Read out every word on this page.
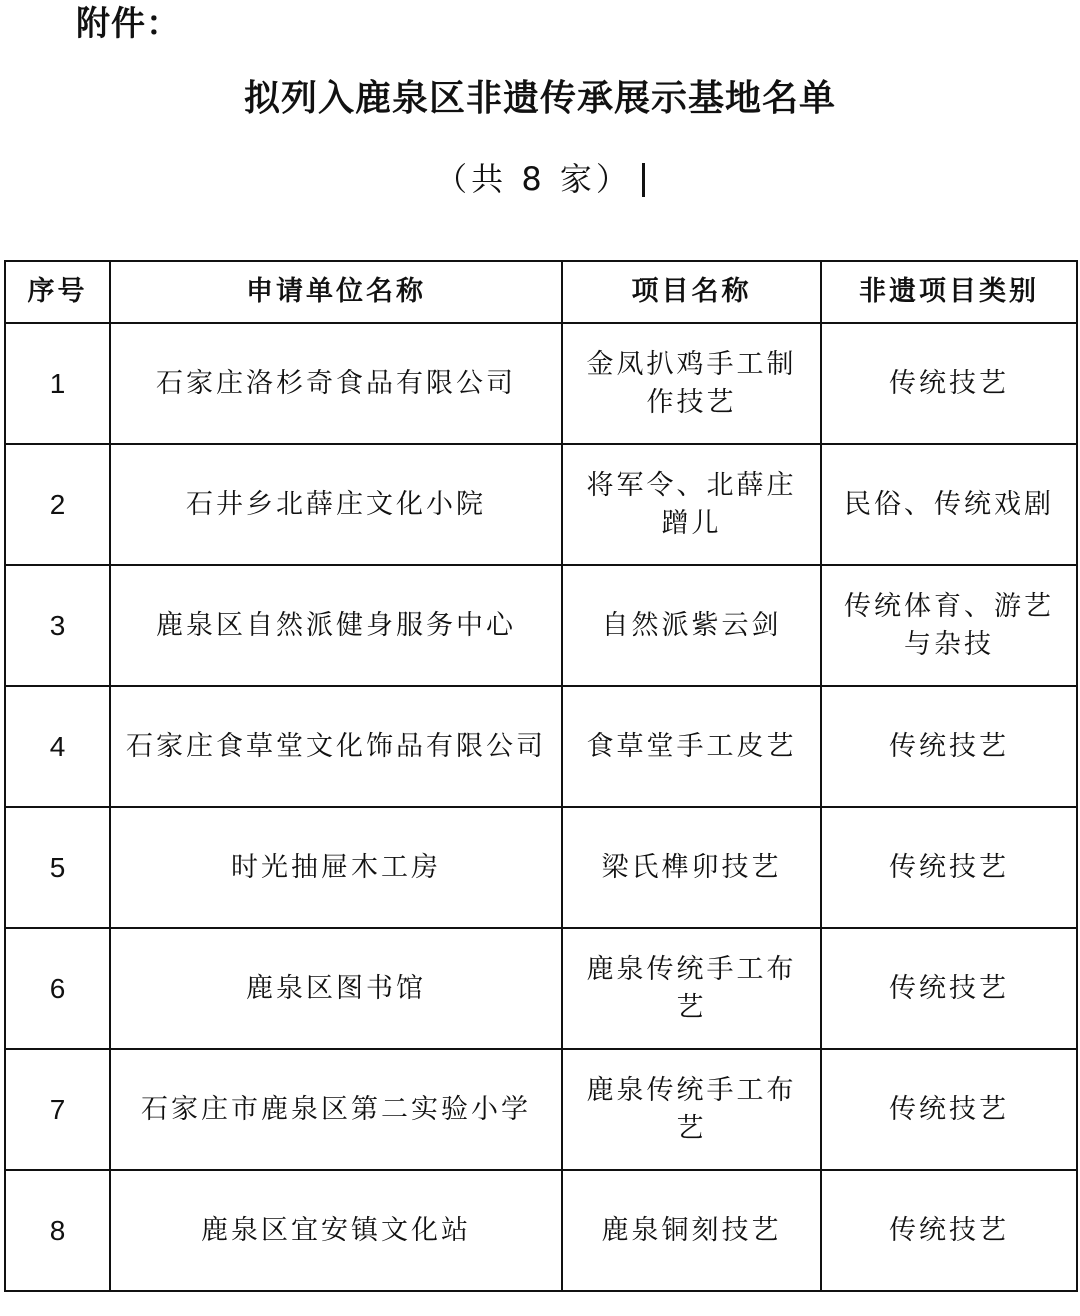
附件：
拟列入鹿泉区非遗传承展示基地名单
（共 8 家）
序号	申请单位名称	项目名称	非遗项目类别
1	石家庄洛杉奇食品有限公司	金凤扒鸡手工制作技艺	传统技艺
2	石井乡北薛庄文化小院	将军令、北薛庄蹭儿	民俗、传统戏剧
3	鹿泉区自然派健身服务中心	自然派紫云剑	传统体育、游艺与杂技
4	石家庄食草堂文化饰品有限公司	食草堂手工皮艺	传统技艺
5	时光抽屉木工房	梁氏榫卯技艺	传统技艺
6	鹿泉区图书馆	鹿泉传统手工布艺	传统技艺
7	石家庄市鹿泉区第二实验小学	鹿泉传统手工布艺	传统技艺
8	鹿泉区宜安镇文化站	鹿泉铜刻技艺	传统技艺
